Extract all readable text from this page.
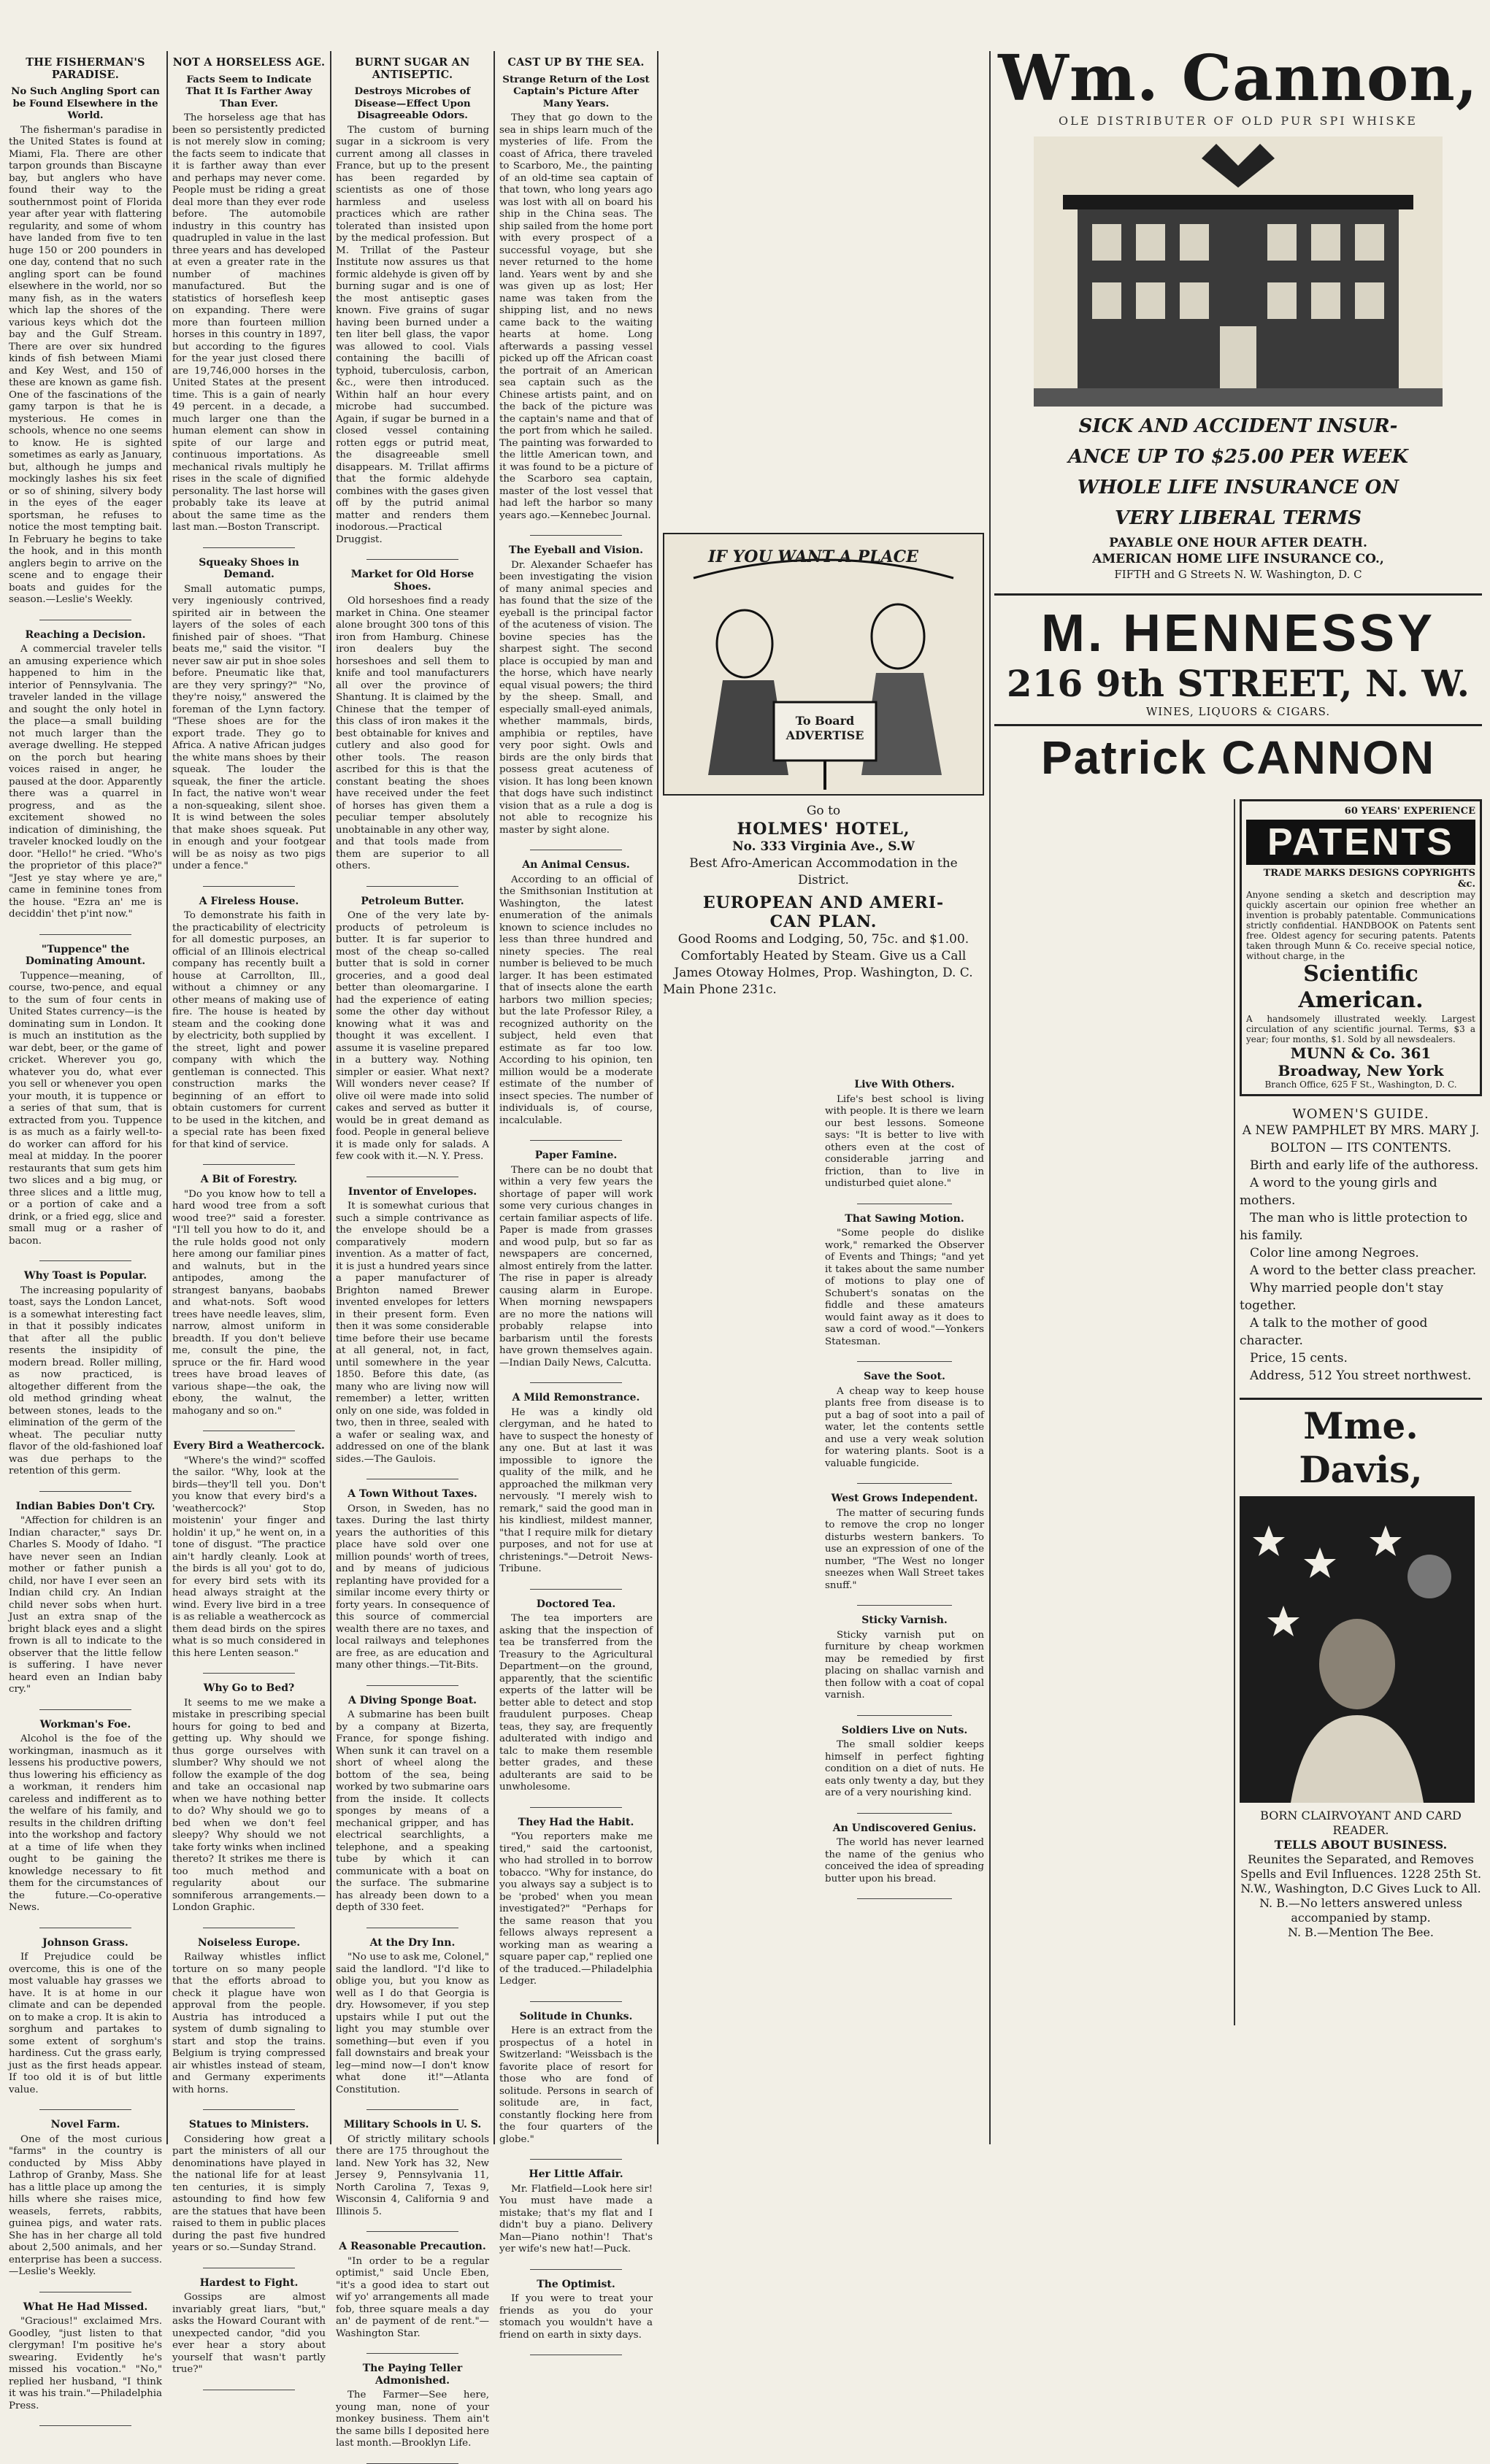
THE FISHERMAN'S PARADISE.
No Such Angling Sport can be Found Elsewhere in the World.

The fisherman's paradise in the United States is found at Miami, Fla. There are other tarpon grounds than Biscayne bay, but anglers who have found their way to the southernmost point of Florida year after year with flattering regularity, and some of whom have landed from five to ten huge 150 or 200 pounders in one day, contend that no such angling sport can be found elsewhere in the world, nor so many fish, as in the waters which lap the shores of the various keys which dot the bay and the Gulf Stream. There are over six hundred kinds of fish between Miami and Key West, and 150 of these are known as game fish. One of the fascinations of the gamy tarpon is that he is mysterious. He comes in schools, whence no one seems to know. He is sighted sometimes as early as January, but, although he jumps and mockingly lashes his six feet or so of shining, silvery body in the eyes of the eager sportsman, he refuses to notice the most tempting bait. In February he begins to take the hook, and in this month anglers begin to arrive on the scene and to engage their boats and guides for the season.—Leslie's Weekly.

Reaching a Decision.

A commercial traveler tells an amusing experience which happened to him in the interior of Pennsylvania. The traveler landed in the village and sought the only hotel in the place—a small building not much larger than the average dwelling. He stepped on the porch but hearing voices raised in anger, he paused at the door. Apparently there was a quarrel in progress, and as the excitement showed no indication of diminishing, the traveler knocked loudly on the door. "Hello!" he cried. "Who's the proprietor of this place?" "Jest ye stay where ye are," came in feminine tones from the house. "Ezra an' me is deciddin' thet p'int now."

"Tuppence" the Dominating Amount.

Tuppence—meaning, of course, two-pence, and equal to the sum of four cents in United States currency—is the dominating sum in London. It is much an institution as the war debt, beer, or the game of cricket. Wherever you go, whatever you do, what ever you sell or whenever you open your mouth, it is tuppence or a series of that sum, that is extracted from you. Tuppence is as much as a fairly well-to-do worker can afford for his meal at midday. In the poorer restaurants that sum gets him two slices and a big mug, or three slices and a little mug, or a portion of cake and a drink, or a fried egg, slice and small mug or a rasher of bacon.

Why Toast is Popular.

The increasing popularity of toast, says the London Lancet, is a somewhat interesting fact in that it possibly indicates that after all the public resents the insipidity of modern bread. Roller milling, as now practiced, is altogether different from the old method grinding wheat between stones, leads to the elimination of the germ of the wheat. The peculiar nutty flavor of the old-fashioned loaf was due perhaps to the retention of this germ.

Indian Babies Don't Cry.

"Affection for children is an Indian character," says Dr. Charles S. Moody of Idaho. "I have never seen an Indian mother or father punish a child, nor have I ever seen an Indian child cry. An Indian child never sobs when hurt. Just an extra snap of the bright black eyes and a slight frown is all to indicate to the observer that the little fellow is suffering. I have never heard even an Indian baby cry."

Workman's Foe.

Alcohol is the foe of the workingman, inasmuch as it lessens his productive powers, thus lowering his efficiency as a workman, it renders him careless and indifferent as to the welfare of his family, and results in the children drifting into the workshop and factory at a time of life when they ought to be gaining the knowledge necessary to fit them for the circumstances of the future.—Co-operative News.

Johnson Grass.

If Prejudice could be overcome, this is one of the most valuable hay grasses we have. It is at home in our climate and can be depended on to make a crop. It is akin to sorghum and partakes to some extent of sorghum's hardiness. Cut the grass early, just as the first heads appear. If too old it is of but little value.

Novel Farm.

One of the most curious "farms" in the country is conducted by Miss Abby Lathrop of Granby, Mass. She has a little place up among the hills where she raises mice, weasels, ferrets, rabbits, guinea pigs, and water rats. She has in her charge all told about 2,500 animals, and her enterprise has been a success.—Leslie's Weekly.

What He Had Missed.

"Gracious!" exclaimed Mrs. Goodley, "just listen to that clergyman! I'm positive he's swearing. Evidently he's missed his vocation." "No," replied her husband, "I think it was his train."—Philadelphia Press.

NOT A HORSELESS AGE.
Facts Seem to Indicate That It Is Farther Away Than Ever.

The horseless age that has been so persistently predicted is not merely slow in coming; the facts seem to indicate that it is farther away than ever and perhaps may never come. People must be riding a great deal more than they ever rode before. The automobile industry in this country has quadrupled in value in the last three years and has developed at even a greater rate in the number of machines manufactured. But the statistics of horseflesh keep on expanding. There were more than fourteen million horses in this country in 1897, but according to the figures for the year just closed there are 19,746,000 horses in the United States at the present time. This is a gain of nearly 49 percent. in a decade, a much larger one than the human element can show in spite of our large and continuous importations. As mechanical rivals multiply he rises in the scale of dignified personality. The last horse will probably take its leave at about the same time as the last man.—Boston Transcript.

Squeaky Shoes in Demand.

Small automatic pumps, very ingeniously contrived, spirited air in between the layers of the soles of each finished pair of shoes. "That beats me," said the visitor. "I never saw air put in shoe soles before. Pneumatic like that, are they very springy?" "No, they're noisy," answered the foreman of the Lynn factory. "These shoes are for the export trade. They go to Africa. A native African judges the white mans shoes by their squeak. The louder the squeak, the finer the article. In fact, the native won't wear a non-squeaking, silent shoe. It is wind between the soles that make shoes squeak. Put in enough and your footgear will be as noisy as two pigs under a fence."

A Fireless House.

To demonstrate his faith in the practicability of electricity for all domestic purposes, an official of an Illinois electrical company has recently built a house at Carrollton, Ill., without a chimney or any other means of making use of fire. The house is heated by steam and the cooking done by electricity, both supplied by the street, light and power company with which the gentleman is connected. This construction marks the beginning of an effort to obtain customers for current to be used in the kitchen, and a special rate has been fixed for that kind of service.

A Bit of Forestry.

"Do you know how to tell a hard wood tree from a soft wood tree?" said a forester. "I'll tell you how to do it, and the rule holds good not only here among our familiar pines and walnuts, but in the antipodes, among the strangest banyans, baobabs and what-nots. Soft wood trees have needle leaves, slim, narrow, almost uniform in breadth. If you don't believe me, consult the pine, the spruce or the fir. Hard wood trees have broad leaves of various shape—the oak, the ebony, the walnut, the mahogany and so on."

Every Bird a Weathercock.

"Where's the wind?" scoffed the sailor. "Why, look at the birds—they'll tell you. Don't you know that every bird's a 'weathercock?' Stop moistenin' your finger and holdin' it up," he went on, in a tone of disgust. "The practice ain't hardly cleanly. Look at the birds is all you' got to do, for every bird sets with its head always straight at the wind. Every live bird in a tree is as reliable a weathercock as them dead birds on the spires what is so much considered in this here Lenten season."

Why Go to Bed?

It seems to me we make a mistake in prescribing special hours for going to bed and getting up. Why should we thus gorge ourselves with slumber? Why should we not follow the example of the dog and take an occasional nap when we have nothing better to do? Why should we go to bed when we don't feel sleepy? Why should we not take forty winks when inclined thereto? It strikes me there is too much method and regularity about our somniferous arrangements.—London Graphic.

Noiseless Europe.

Railway whistles inflict torture on so many people that the efforts abroad to check it plague have won approval from the people. Austria has introduced a system of dumb signaling to start and stop the trains. Belgium is trying compressed air whistles instead of steam, and Germany experiments with horns.

Statues to Ministers.

Considering how great a part the ministers of all our denominations have played in the national life for at least ten centuries, it is simply astounding to find how few are the statues that have been raised to them in public places during the past five hundred years or so.—Sunday Strand.

Hardest to Fight.

Gossips are almost invariably great liars, "but," asks the Howard Courant with unexpected candor, "did you ever hear a story about yourself that wasn't partly true?"

BURNT SUGAR AN ANTISEPTIC.
Destroys Microbes of Disease—Effect Upon Disagreeable Odors.

The custom of burning sugar in a sickroom is very current among all classes in France, but up to the present has been regarded by scientists as one of those harmless and useless practices which are rather tolerated than insisted upon by the medical profession. But M. Trillat of the Pasteur Institute now assures us that formic aldehyde is given off by burning sugar and is one of the most antiseptic gases known. Five grains of sugar having been burned under a ten liter bell glass, the vapor was allowed to cool. Vials containing the bacilli of typhoid, tuberculosis, carbon, &c., were then introduced. Within half an hour every microbe had succumbed. Again, if sugar be burned in a closed vessel containing rotten eggs or putrid meat, the disagreeable smell disappears. M. Trillat affirms that the formic aldehyde combines with the gases given off by the putrid animal matter and renders them inodorous.—Practical Druggist.

Market for Old Horse Shoes.

Old horseshoes find a ready market in China. One steamer alone brought 300 tons of this iron from Hamburg. Chinese iron dealers buy the horseshoes and sell them to knife and tool manufacturers all over the province of Shantung. It is claimed by the Chinese that the temper of this class of iron makes it the best obtainable for knives and cutlery and also good for other tools. The reason ascribed for this is that the constant beating the shoes have received under the feet of horses has given them a peculiar temper absolutely unobtainable in any other way, and that tools made from them are superior to all others.

Petroleum Butter.

One of the very late by-products of petroleum is butter. It is far superior to most of the cheap so-called butter that is sold in corner groceries, and a good deal better than oleomargarine. I had the experience of eating some the other day without knowing what it was and thought it was excellent. I assume it is vaseline prepared in a buttery way. Nothing simpler or easier. What next? Will wonders never cease? If olive oil were made into solid cakes and served as butter it would be in great demand as food. People in general believe it is made only for salads. A few cook with it.—N. Y. Press.

Inventor of Envelopes.

It is somewhat curious that such a simple contrivance as the envelope should be a comparatively modern invention. As a matter of fact, it is just a hundred years since a paper manufacturer of Brighton named Brewer invented envelopes for letters in their present form. Even then it was some considerable time before their use became at all general, not, in fact, until somewhere in the year 1850. Before this date, (as many who are living now will remember) a letter, written only on one side, was folded in two, then in three, sealed with a wafer or sealing wax, and addressed on one of the blank sides.—The Gaulois.

A Town Without Taxes.

Orson, in Sweden, has no taxes. During the last thirty years the authorities of this place have sold over one million pounds' worth of trees, and by means of judicious replanting have provided for a similar income every thirty or forty years. In consequence of this source of commercial wealth there are no taxes, and local railways and telephones are free, as are education and many other things.—Tit-Bits.

A Diving Sponge Boat.

A submarine has been built by a company at Bizerta, France, for sponge fishing. When sunk it can travel on a short of wheel along the bottom of the sea, being worked by two submarine oars from the inside. It collects sponges by means of a mechanical gripper, and has electrical searchlights, a telephone, and a speaking tube by which it can communicate with a boat on the surface. The submarine has already been down to a depth of 330 feet.

At the Dry Inn.

"No use to ask me, Colonel," said the landlord. "I'd like to oblige you, but you know as well as I do that Georgia is dry. Howsomever, if you step upstairs while I put out the light you may stumble over something—but even if you fall downstairs and break your leg—mind now—I don't know what done it!"—Atlanta Constitution.

Military Schools in U. S.

Of strictly military schools there are 175 throughout the land. New York has 32, New Jersey 9, Pennsylvania 11, North Carolina 7, Texas 9, Wisconsin 4, California 9 and Illinois 5.

A Reasonable Precaution.

"In order to be a regular optimist," said Uncle Eben, "it's a good idea to start out wif yo' arrangements all made fob, three square meals a day an' de payment of de rent."—Washington Star.

The Paying Teller Admonished.

The Farmer—See here, young man, none of your monkey business. Them ain't the same bills I deposited here last month.—Brooklyn Life.

CAST UP BY THE SEA.
Strange Return of the Lost Captain's Picture After Many Years.

They that go down to the sea in ships learn much of the mysteries of life. From the coast of Africa, there traveled to Scarboro, Me., the painting of an old-time sea captain of that town, who long years ago was lost with all on board his ship in the China seas. The ship sailed from the home port with every prospect of a successful voyage, but she never returned to the home land. Years went by and she was given up as lost; Her name was taken from the shipping list, and no news came back to the waiting hearts at home. Long afterwards a passing vessel picked up off the African coast the portrait of an American sea captain such as the Chinese artists paint, and on the back of the picture was the captain's name and that of the port from which he sailed. The painting was forwarded to the little American town, and it was found to be a picture of the Scarboro sea captain, master of the lost vessel that had left the harbor so many years ago.—Kennebec Journal.

The Eyeball and Vision.

Dr. Alexander Schaefer has been investigating the vision of many animal species and has found that the size of the eyeball is the principal factor of the acuteness of vision. The bovine species has the sharpest sight. The second place is occupied by man and the horse, which have nearly equal visual powers; the third by the sheep. Small, and especially small-eyed animals, whether mammals, birds, amphibia or reptiles, have very poor sight. Owls and birds are the only birds that possess great acuteness of vision. It has long been known that dogs have such indistinct vision that as a rule a dog is not able to recognize his master by sight alone.

An Animal Census.

According to an official of the Smithsonian Institution at Washington, the latest enumeration of the animals known to science includes no less than three hundred and ninety species. The real number is believed to be much larger. It has been estimated that of insects alone the earth harbors two million species; but the late Professor Riley, a recognized authority on the subject, held even that estimate as far too low. According to his opinion, ten million would be a moderate estimate of the number of insect species. The number of individuals is, of course, incalculable.

Paper Famine.

There can be no doubt that within a very few years the shortage of paper will work some very curious changes in certain familiar aspects of life. Paper is made from grasses and wood pulp, but so far as newspapers are concerned, almost entirely from the latter. The rise in paper is already causing alarm in Europe. When morning newspapers are no more the nations will probably relapse into barbarism until the forests have grown themselves again.—Indian Daily News, Calcutta.

A Mild Remonstrance.

He was a kindly old clergyman, and he hated to have to suspect the honesty of any one. But at last it was impossible to ignore the quality of the milk, and he approached the milkman very nervously. "I merely wish to remark," said the good man in his kindliest, mildest manner, "that I require milk for dietary purposes, and not for use at christenings."—Detroit News-Tribune.

Doctored Tea.

The tea importers are asking that the inspection of tea be transferred from the Treasury to the Agricultural Department—on the ground, apparently, that the scientific experts of the latter will be better able to detect and stop fraudulent purposes. Cheap teas, they say, are frequently adulterated with indigo and talc to make them resemble better grades, and these adulterants are said to be unwholesome.

They Had the Habit.

"You reporters make me tired," said the cartoonist, who had strolled in to borrow tobacco. "Why for instance, do you always say a subject is to be 'probed' when you mean investigated?" "Perhaps for the same reason that you fellows always represent a working man as wearing a square paper cap," replied one of the traduced.—Philadelphia Ledger.

Solitude in Chunks.

Here is an extract from the prospectus of a hotel in Switzerland: "Weissbach is the favorite place of resort for those who are fond of solitude. Persons in search of solitude are, in fact, constantly flocking here from the four quarters of the globe."

Her Little Affair.

Mr. Flatfield—Look here sir! You must have made a mistake; that's my flat and I didn't buy a piano. Delivery Man—Piano nothin'! That's yer wife's new hat!—Puck.

The Optimist.

If you were to treat your friends as you do your stomach you wouldn't have a friend on earth in sixty days.

Live With Others.

Life's best school is living with people. It is there we learn our best lessons. Someone says: "It is better to live with others even at the cost of considerable jarring and friction, than to live in undisturbed quiet alone."

That Sawing Motion.

"Some people do dislike work," remarked the Observer of Events and Things; "and yet it takes about the same number of motions to play one of Schubert's sonatas on the fiddle and these amateurs would faint away as it does to saw a cord of wood."—Yonkers Statesman.

Save the Soot.

A cheap way to keep house plants free from disease is to put a bag of soot into a pail of water, let the contents settle and use a very weak solution for watering plants. Soot is a valuable fungicide.

West Grows Independent.

The matter of securing funds to remove the crop no longer disturbs western bankers. To use an expression of one of the number, "The West no longer sneezes when Wall Street takes snuff."

Sticky Varnish.

Sticky varnish put on furniture by cheap workmen may be remedied by first placing on shallac varnish and then follow with a coat of copal varnish.

Soldiers Live on Nuts.

The small soldier keeps himself in perfect fighting condition on a diet of nuts. He eats only twenty a day, but they are of a very nourishing kind.

An Undiscovered Genius.

The world has never learned the name of the genius who conceived the idea of spreading butter upon his bread.

IF YOU WANT A PLACE
To Board ADVERTISE
Go to
HOLMES' HOTEL,
No. 333 Virginia Ave., S.W
Best Afro-American Accommodation in the District.
EUROPEAN AND AMERI-
CAN PLAN.
Good Rooms and Lodging, 50, 75c. and $1.00. Comfortably Heated by Steam. Give us a Call
James Otoway Holmes, Prop. Washington, D. C.
Main Phone 231c.
Wm. Cannon,
OLE DISTRIBUTER OF OLD PUR SPI WHISKE
SICK AND ACCIDENT INSUR-
ANCE UP TO $25.00 PER WEEK
WHOLE LIFE INSURANCE ON
VERY LIBERAL TERMS
PAYABLE ONE HOUR AFTER DEATH.
AMERICAN HOME LIFE INSURANCE CO.,
FIFTH and G Streets N. W. Washington, D. C
M. HENNESSY
216 9th STREET, N. W.
WINES, LIQUORS & CIGARS.
Patrick CANNON
60 YEARS' EXPERIENCE
PATENTS
TRADE MARKS DESIGNS COPYRIGHTS &c.
Anyone sending a sketch and description may quickly ascertain our opinion free whether an invention is probably patentable. Communications strictly confidential. HANDBOOK on Patents sent free. Oldest agency for securing patents. Patents taken through Munn & Co. receive special notice, without charge, in the
Scientific American.
A handsomely illustrated weekly. Largest circulation of any scientific journal. Terms, $3 a year; four months, $1. Sold by all newsdealers.
MUNN & Co. 361 Broadway, New York
Branch Office, 625 F St., Washington, D. C.
WOMEN'S GUIDE.
A NEW PAMPHLET BY MRS. MARY J. BOLTON — ITS CONTENTS.

Birth and early life of the authoress.

A word to the young girls and mothers.

The man who is little protection to his family.

Color line among Negroes.

A word to the better class preacher.

Why married people don't stay together.

A talk to the mother of good character.

Price, 15 cents.

Address, 512 You street northwest.

Mme. Davis,
BORN CLAIRVOYANT AND CARD READER.
TELLS ABOUT BUSINESS.
Reunites the Separated, and Removes Spells and Evil Influences. 1228 25th St. N.W., Washington, D.C Gives Luck to All.
N. B.—No letters answered unless accompanied by stamp.
N. B.—Mention The Bee.
